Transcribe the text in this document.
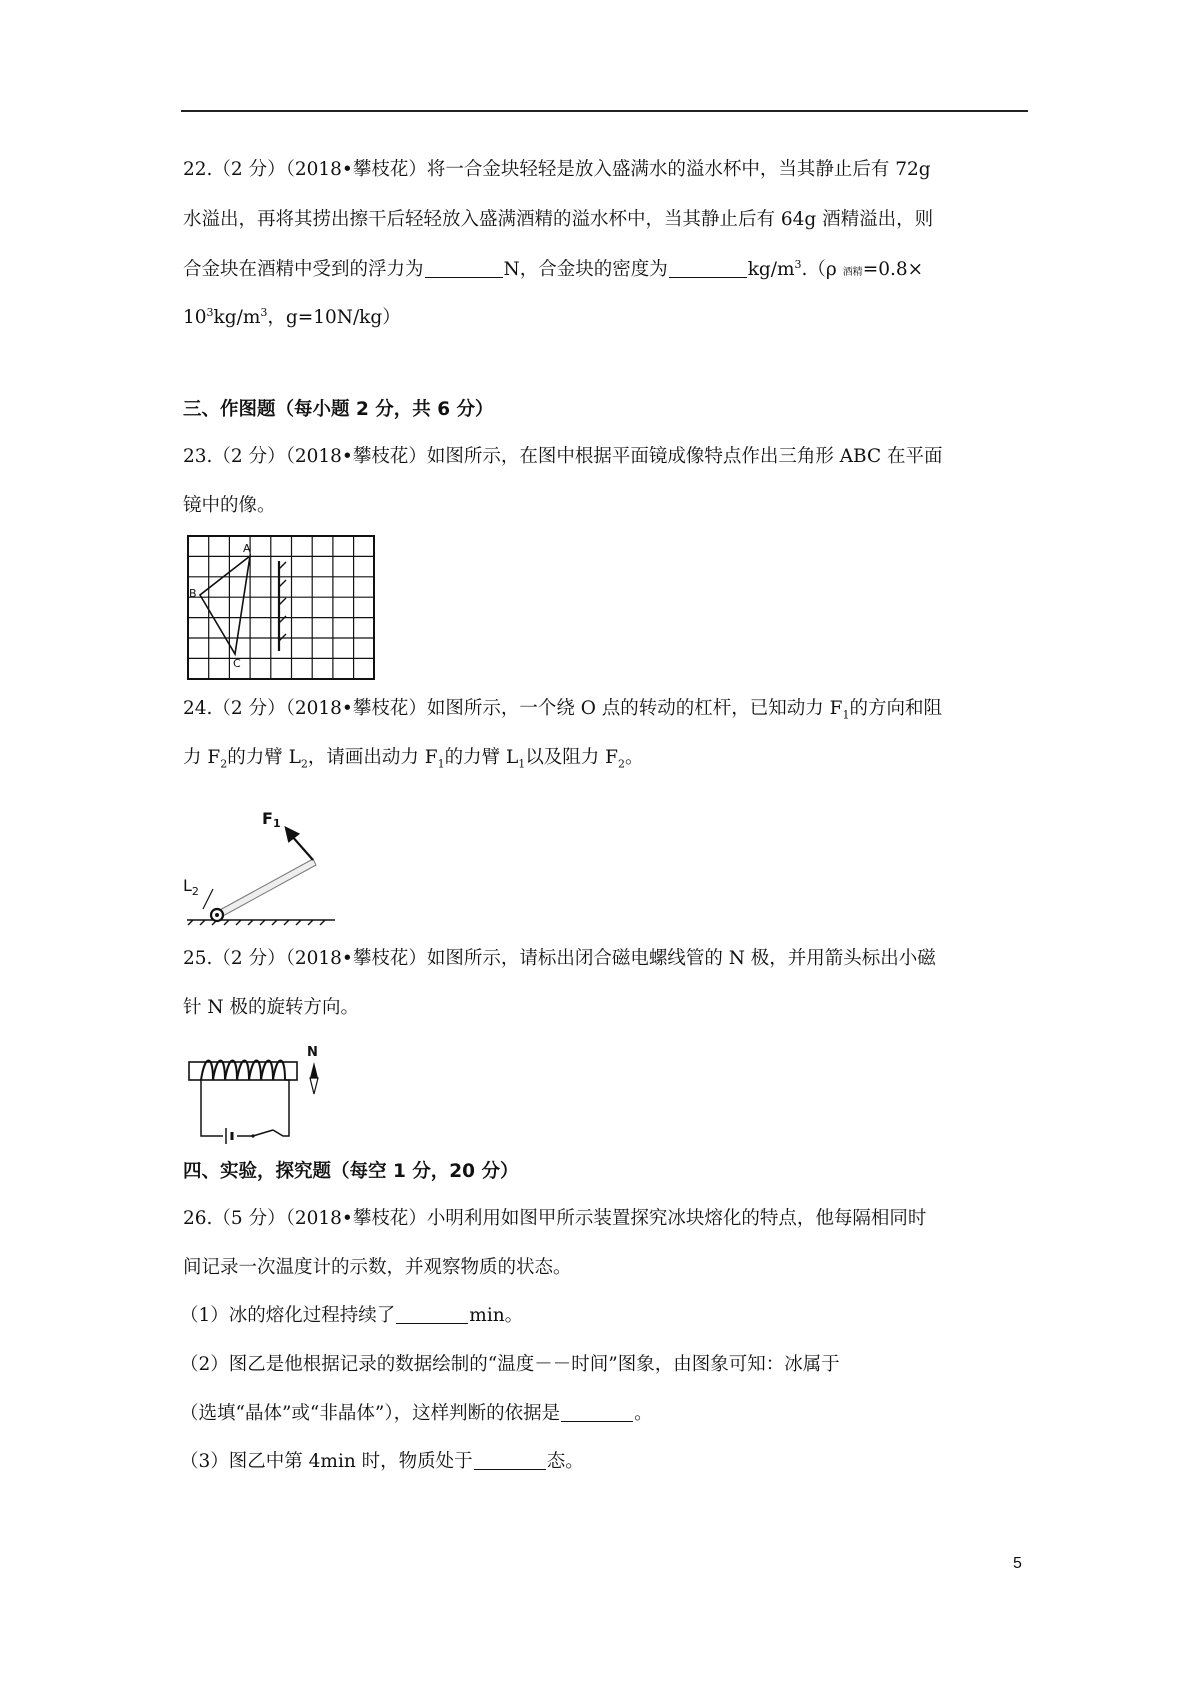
22.（2 分）（2018•攀枝花）将一合金块轻轻是放入盛满水的溢水杯中，当其静止后有 72g
水溢出，再将其捞出擦干后轻轻放入盛满酒精的溢水杯中，当其静止后有 64g 酒精溢出，则
合金块在酒精中受到的浮力为	N，合金块的密度为	$kg/m^3.(\rho$ 酒精=0.8×
$10^3kg/m^3$，g=10N/kg）
三、作图题（每小题 2 分，共 6 分）
23.（2 分）（2018•攀枝花）如图所示，在图中根据平面镜成像特点作出三角形 ABC 在平面
镜中的像。
A
B
C
24.（2 分）（2018•攀枝花）如图所示，一个绕 O 点的转动的杠杆，已知动力 $F_1$的方向和阻
力 $F_2$的力臂 $L_2$，请画出动力 $F_1$的力臂 $L_1$以及阻力 $F_2$。
F1
$L_2$
25.（2 分）（2018•攀枝花）如图所示，请标出闭合磁电螺线管的 N 极，并用箭头标出小磁
针 N 极的旋转方向。
N
四、实验，探究题（每空 1 分，20 分）
26.（5 分）（2018•攀枝花）小明利用如图甲所示装置探究冰块熔化的特点，他每隔相同时
间记录一次温度计的示数，并观察物质的状态。
（1）冰的熔化过程持续了	min。
（2）图乙是他根据记录的数据绘制的“温度－－时间”图象，由图象可知：冰属于
（选填“晶体”或“非晶体”），这样判断的依据是	。
（3）图乙中第 4min 时，物质处于	态。
5
